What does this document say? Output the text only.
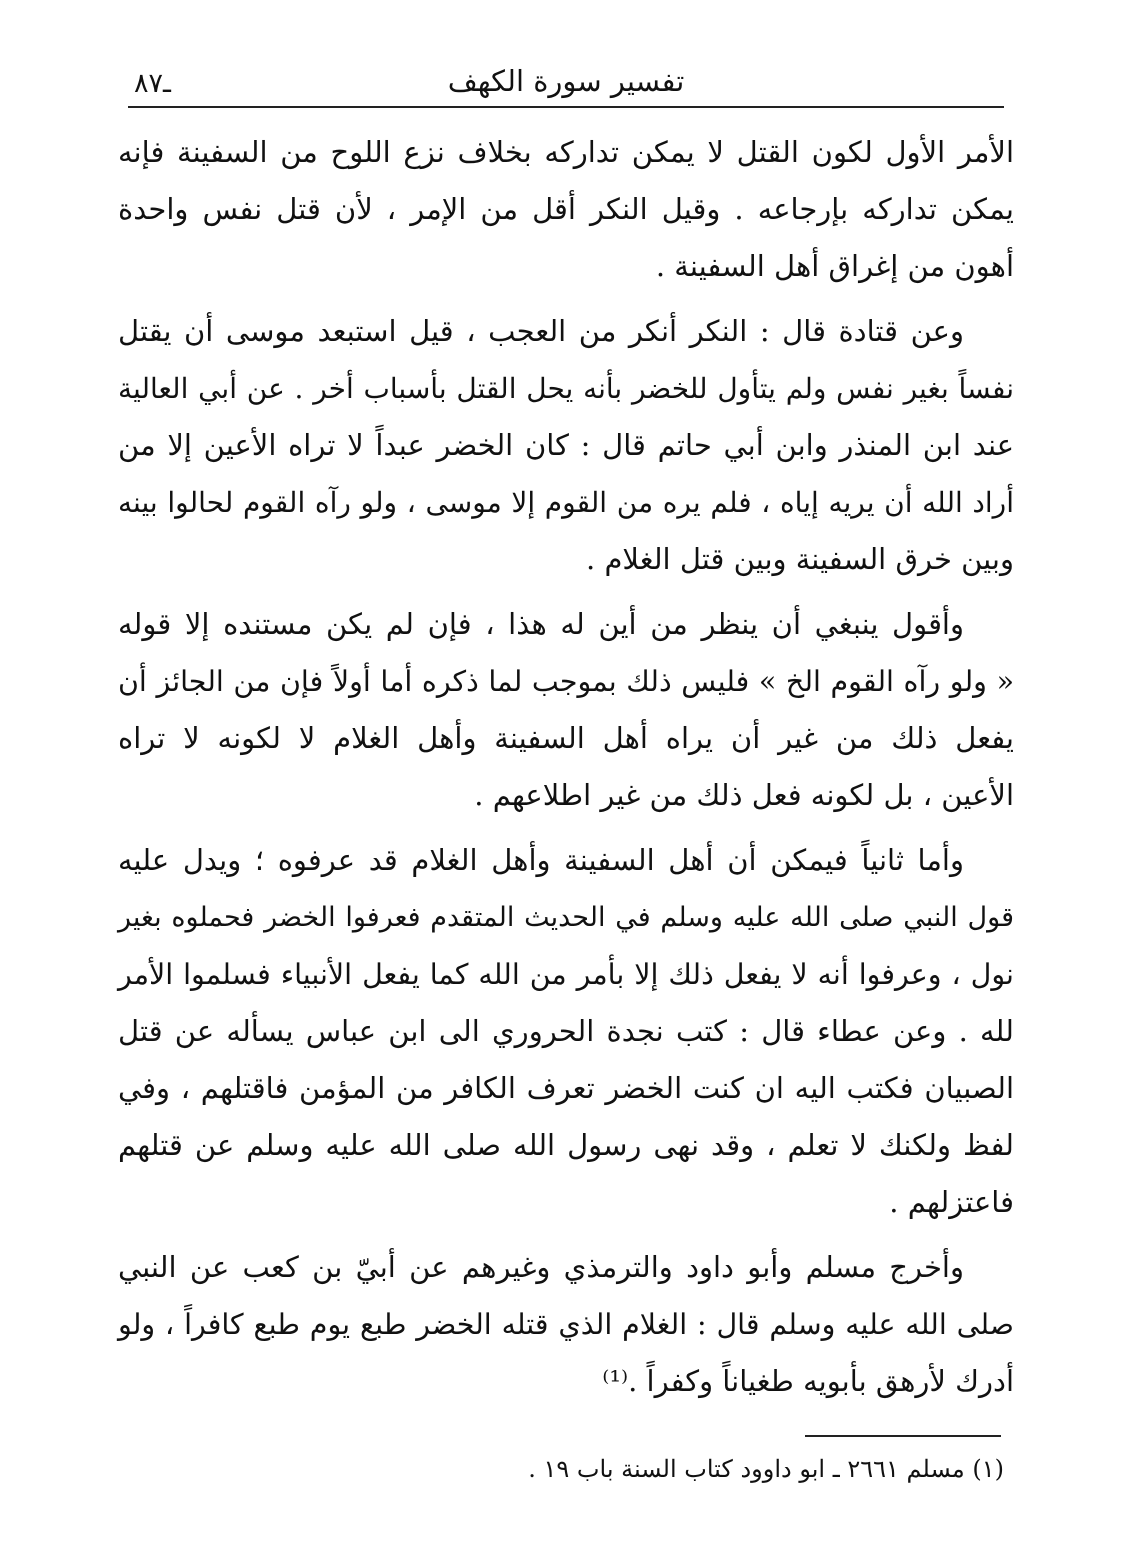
تفسير سورة الكهف
ـ٨٧
الأمر الأول لكون القتل لا يمكن تداركه بخلاف نزع اللوح من السفينة فإنه
يمكن تداركه بإرجاعه . وقيل النكر أقل من الإمر ، لأن قتل نفس واحدة
أهون من إغراق أهل السفينة .
وعن قتادة قال : النكر أنكر من العجب ، قيل استبعد موسى أن يقتل
نفساً بغير نفس ولم يتأول للخضر بأنه يحل القتل بأسباب أخر . عن أبي العالية
عند ابن المنذر وابن أبي حاتم قال : كان الخضر عبداً لا تراه الأعين إلا من
أراد الله أن يريه إياه ، فلم يره من القوم إلا موسى ، ولو رآه القوم لحالوا بينه
وبين خرق السفينة وبين قتل الغلام .
وأقول ينبغي أن ينظر من أين له هذا ، فإن لم يكن مستنده إلا قوله
« ولو رآه القوم الخ » فليس ذلك بموجب لما ذكره أما أولاً فإن من الجائز أن
يفعل ذلك من غير أن يراه أهل السفينة وأهل الغلام لا لكونه لا تراه
الأعين ، بل لكونه فعل ذلك من غير اطلاعهم .
وأما ثانياً فيمكن أن أهل السفينة وأهل الغلام قد عرفوه ؛ ويدل عليه
قول النبي صلى الله عليه وسلم في الحديث المتقدم فعرفوا الخضر فحملوه بغير
نول ، وعرفوا أنه لا يفعل ذلك إلا بأمر من الله كما يفعل الأنبياء فسلموا الأمر
لله . وعن عطاء قال : كتب نجدة الحروري الى ابن عباس يسأله عن قتل
الصبيان فكتب اليه ان كنت الخضر تعرف الكافر من المؤمن فاقتلهم ، وفي
لفظ ولكنك لا تعلم ، وقد نهى رسول الله صلى الله عليه وسلم عن قتلهم
فاعتزلهم .
وأخرج مسلم وأبو داود والترمذي وغيرهم عن أبيّ بن كعب عن النبي
صلى الله عليه وسلم قال : الغلام الذي قتله الخضر طبع يوم طبع كافراً ، ولو
أدرك لأرهق بأبويه طغياناً وكفراً .⁽¹⁾
(١) مسلم ٢٦٦١ ـ ابو داوود كتاب السنة باب ١٩ .
